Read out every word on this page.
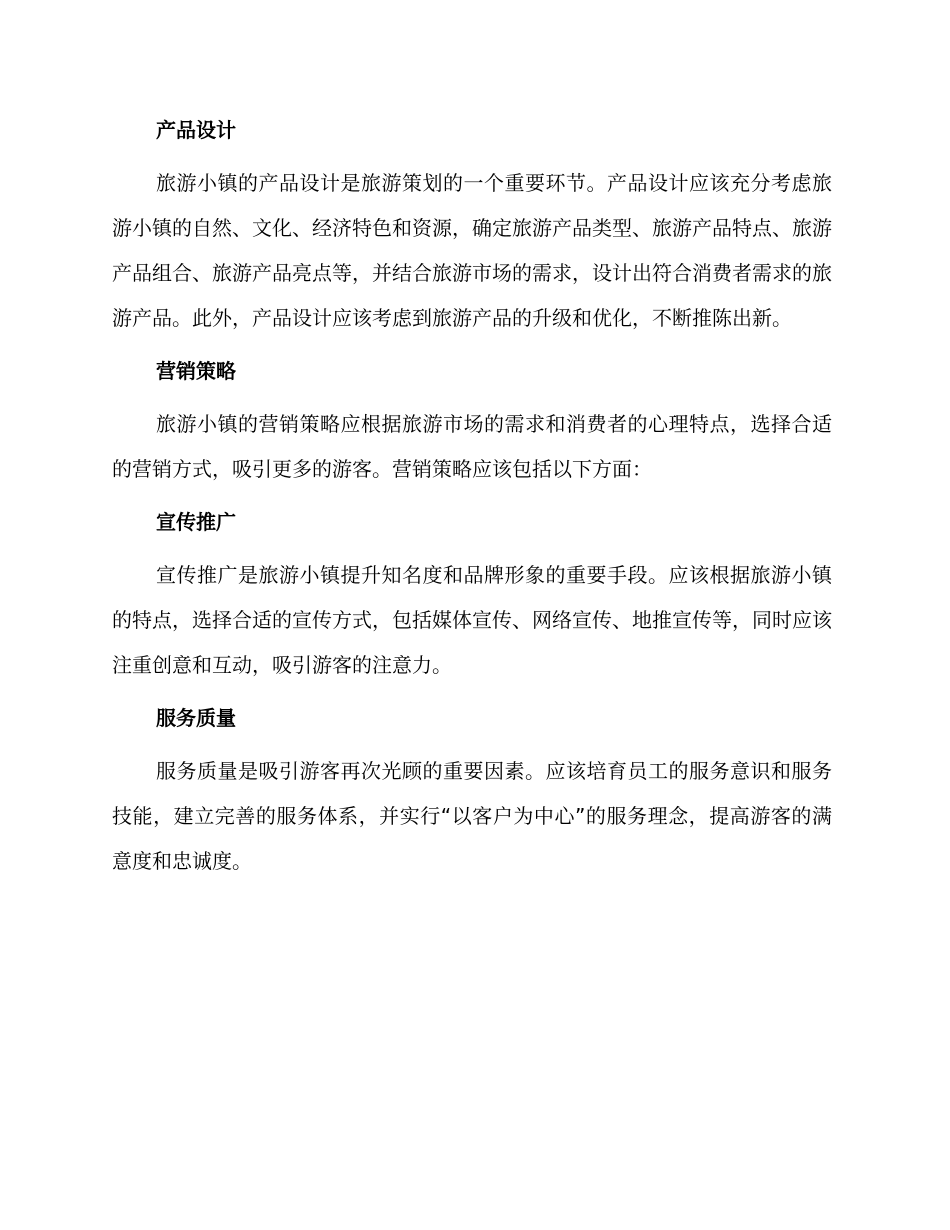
产品设计
旅游小镇的产品设计是旅游策划的一个重要环节。产品设计应该充分考虑旅游小镇的自然、文化、经济特色和资源，确定旅游产品类型、旅游产品特点、旅游产品组合、旅游产品亮点等，并结合旅游市场的需求，设计出符合消费者需求的旅游产品。此外，产品设计应该考虑到旅游产品的升级和优化，不断推陈出新。
营销策略
旅游小镇的营销策略应根据旅游市场的需求和消费者的心理特点，选择合适的营销方式，吸引更多的游客。营销策略应该包括以下方面：
宣传推广
宣传推广是旅游小镇提升知名度和品牌形象的重要手段。应该根据旅游小镇的特点，选择合适的宣传方式，包括媒体宣传、网络宣传、地推宣传等，同时应该注重创意和互动，吸引游客的注意力。
服务质量
服务质量是吸引游客再次光顾的重要因素。应该培育员工的服务意识和服务技能，建立完善的服务体系，并实行“以客户为中心”的服务理念，提高游客的满意度和忠诚度。
